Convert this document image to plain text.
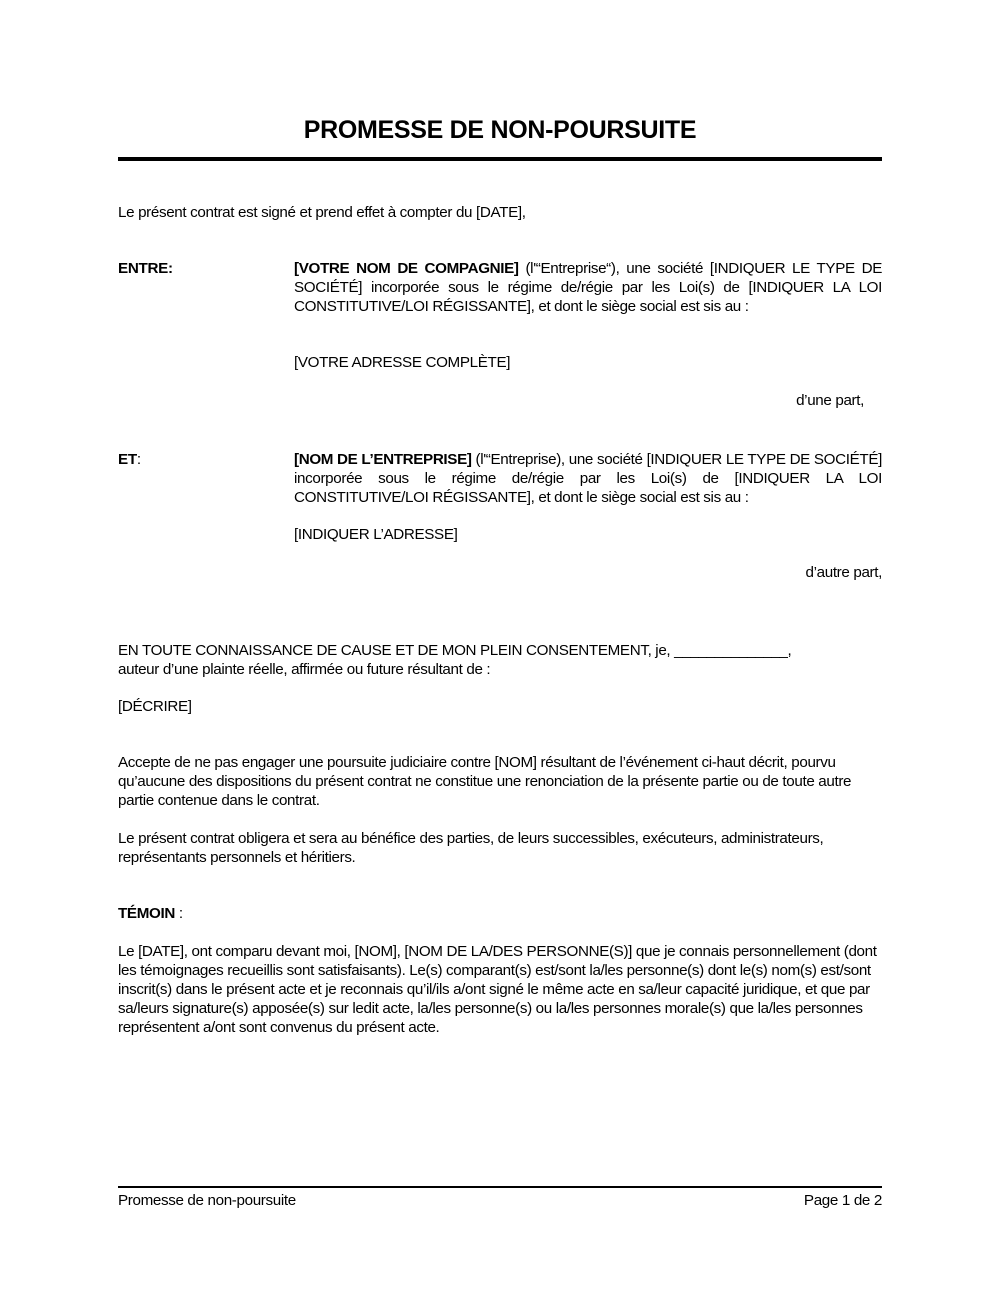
PROMESSE DE NON-POURSUITE
Le présent contrat est signé et prend effet à compter du [DATE],
ENTRE:	[VOTRE NOM DE COMPAGNIE] (l'“Entreprise“), une société [INDIQUER LE TYPE DE SOCIÉTÉ] incorporée sous le régime de/régie par les Loi(s) de [INDIQUER LA LOI CONSTITUTIVE/LOI RÉGISSANTE], et dont le siège social est sis au :
[VOTRE ADRESSE COMPLÈTE]
d’une part,
ET:	[NOM DE L’ENTREPRISE] (l'“Entreprise), une société [INDIQUER LE TYPE DE SOCIÉTÉ] incorporée sous le régime de/régie par les Loi(s) de [INDIQUER LA LOI CONSTITUTIVE/LOI RÉGISSANTE], et dont le siège social est sis au :
[INDIQUER L’ADRESSE]
d’autre part,
EN TOUTE CONNAISSANCE DE CAUSE ET DE MON PLEIN CONSENTEMENT, je, ______________,
auteur d’une plainte réelle, affirmée ou future résultant de :
[DÉCRIRE]
Accepte de ne pas engager une poursuite judiciaire contre [NOM] résultant de l’événement ci-haut décrit, pourvu qu’aucune des dispositions du présent contrat ne constitue une renonciation de la présente partie ou de toute autre partie contenue dans le contrat.
Le présent contrat obligera et sera au bénéfice des parties, de leurs successibles, exécuteurs, administrateurs, représentants personnels et héritiers.
TÉMOIN :
Le [DATE], ont comparu devant moi, [NOM], [NOM DE LA/DES PERSONNE(S)] que je connais personnellement (dont les témoignages recueillis sont satisfaisants). Le(s) comparant(s) est/sont la/les personne(s) dont le(s) nom(s) est/sont inscrit(s) dans le présent acte et je reconnais qu’il/ils a/ont signé le même acte en sa/leur capacité juridique, et que par sa/leurs signature(s) apposée(s) sur ledit acte, la/les personne(s) ou la/les personnes morale(s) que la/les personnes représentent a/ont sont convenus du présent acte.
Promesse de non-poursuite	Page 1 de 2
